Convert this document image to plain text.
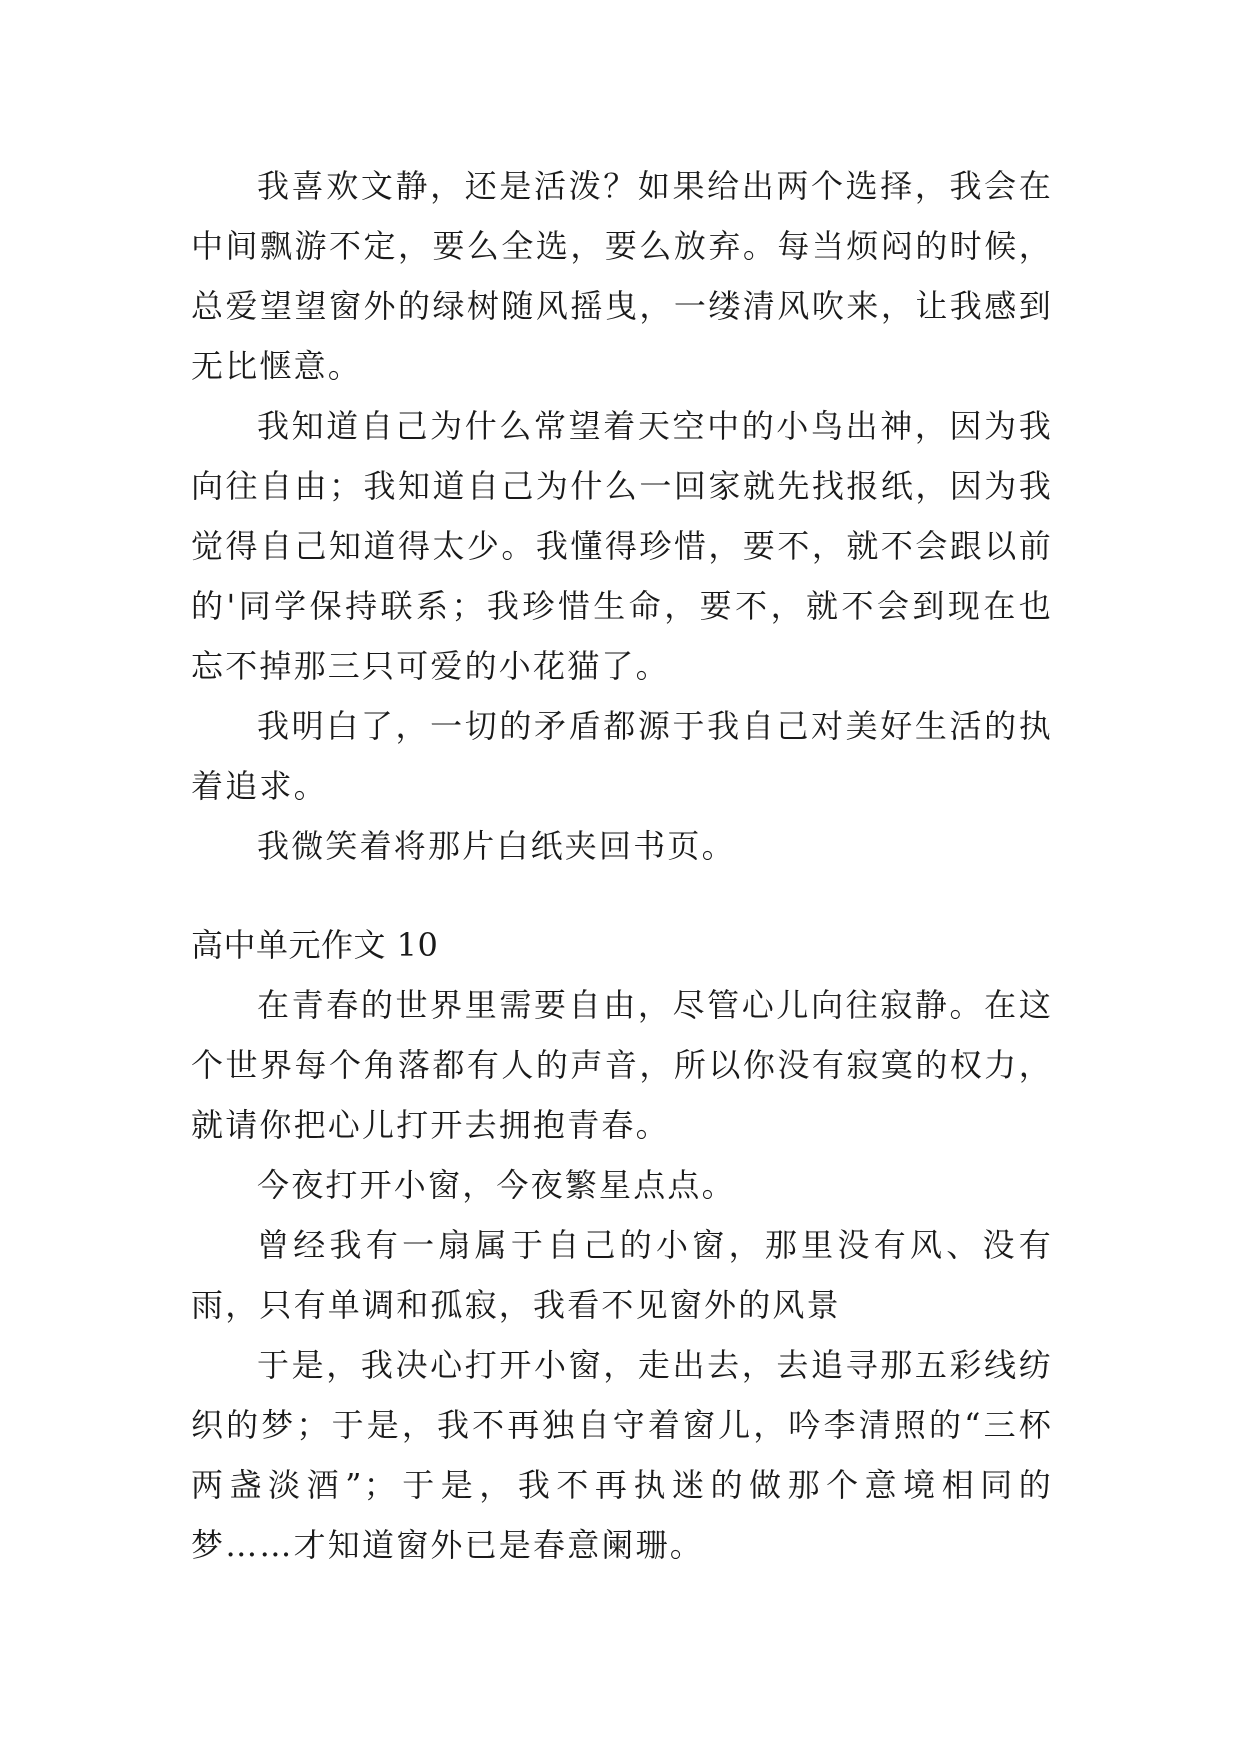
我喜欢文静，还是活泼？如果给出两个选择，我会在中间飘游不定，要么全选，要么放弃。每当烦闷的时候，总爱望望窗外的绿树随风摇曳，一缕清风吹来，让我感到无比惬意。

我知道自己为什么常望着天空中的小鸟出神，因为我向往自由；我知道自己为什么一回家就先找报纸，因为我觉得自己知道得太少。我懂得珍惜，要不，就不会跟以前的'同学保持联系；我珍惜生命，要不，就不会到现在也忘不掉那三只可爱的小花猫了。

我明白了，一切的矛盾都源于我自己对美好生活的执着追求。

我微笑着将那片白纸夹回书页。

高中单元作文 10

在青春的世界里需要自由，尽管心儿向往寂静。在这个世界每个角落都有人的声音，所以你没有寂寞的权力，就请你把心儿打开去拥抱青春。

今夜打开小窗，今夜繁星点点。

曾经我有一扇属于自己的小窗，那里没有风、没有雨，只有单调和孤寂，我看不见窗外的风景

于是，我决心打开小窗，走出去，去追寻那五彩线纺织的梦；于是，我不再独自守着窗儿，吟李清照的“三杯两盏淡酒”；于是，我不再执迷的做那个意境相同的梦……才知道窗外已是春意阑珊。
